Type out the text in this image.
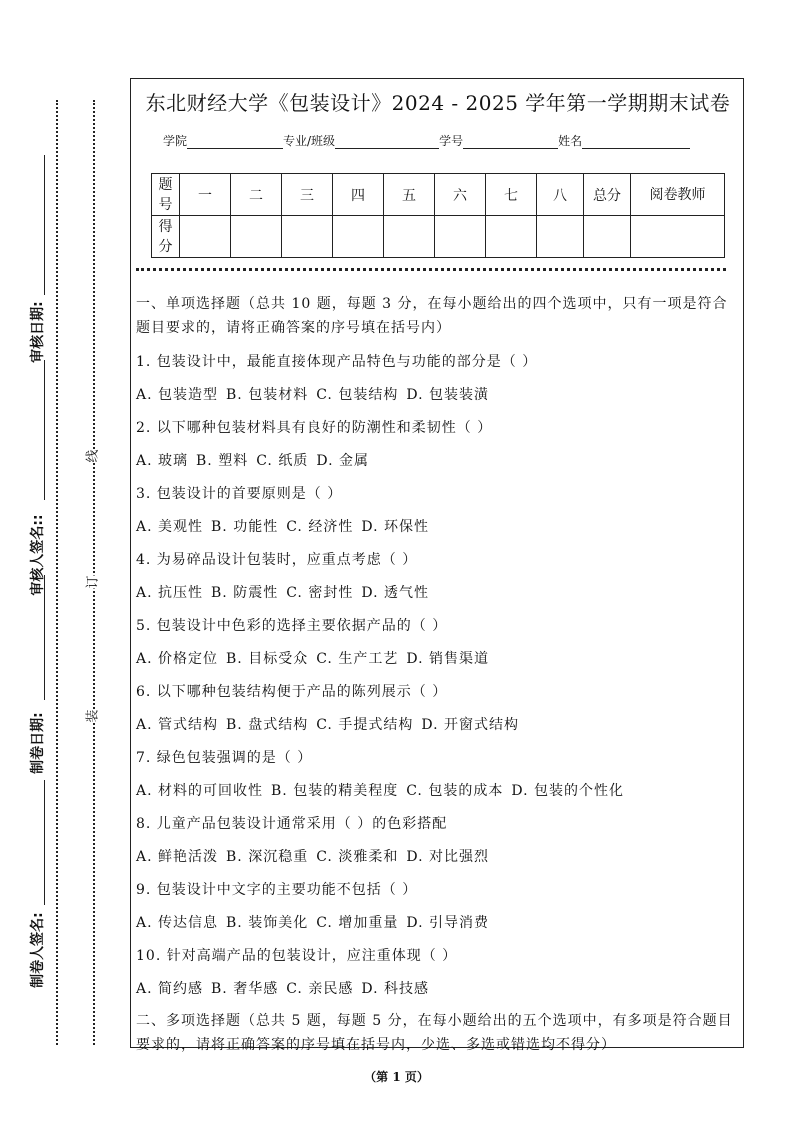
审核日期:
审核人签名::
制卷日期:
制卷人签名:
线
订
装
东北财经大学《包装设计》2024 - 2025 学年第一学期期末试卷
学院	专业/班级	学号	姓名
题号	一	二	三	四	五	六	七	八	总分	阅卷教师
得分										

一、单项选择题（总共 10 题，每题 3 分，在每小题给出的四个选项中，只有一项是符合题目要求的，请将正确答案的序号填在括号内）

1. 包装设计中，最能直接体现产品特色与功能的部分是（ ）

A. 包装造型 B. 包装材料 C. 包装结构 D. 包装装潢

2. 以下哪种包装材料具有良好的防潮性和柔韧性（ ）

A. 玻璃 B. 塑料 C. 纸质 D. 金属

3. 包装设计的首要原则是（ ）

A. 美观性 B. 功能性 C. 经济性 D. 环保性

4. 为易碎品设计包装时，应重点考虑（ ）

A. 抗压性 B. 防震性 C. 密封性 D. 透气性

5. 包装设计中色彩的选择主要依据产品的（ ）

A. 价格定位 B. 目标受众 C. 生产工艺 D. 销售渠道

6. 以下哪种包装结构便于产品的陈列展示（ ）

A. 管式结构 B. 盘式结构 C. 手提式结构 D. 开窗式结构

7. 绿色包装强调的是（ ）

A. 材料的可回收性 B. 包装的精美程度 C. 包装的成本 D. 包装的个性化

8. 儿童产品包装设计通常采用（ ）的色彩搭配

A. 鲜艳活泼 B. 深沉稳重 C. 淡雅柔和 D. 对比强烈

9. 包装设计中文字的主要功能不包括（ ）

A. 传达信息 B. 装饰美化 C. 增加重量 D. 引导消费

10. 针对高端产品的包装设计，应注重体现（ ）

A. 简约感 B. 奢华感 C. 亲民感 D. 科技感

二、多项选择题（总共 5 题，每题 5 分，在每小题给出的五个选项中，有多项是符合题目要求的，请将正确答案的序号填在括号内，少选、多选或错选均不得分）

（第 1 页）
